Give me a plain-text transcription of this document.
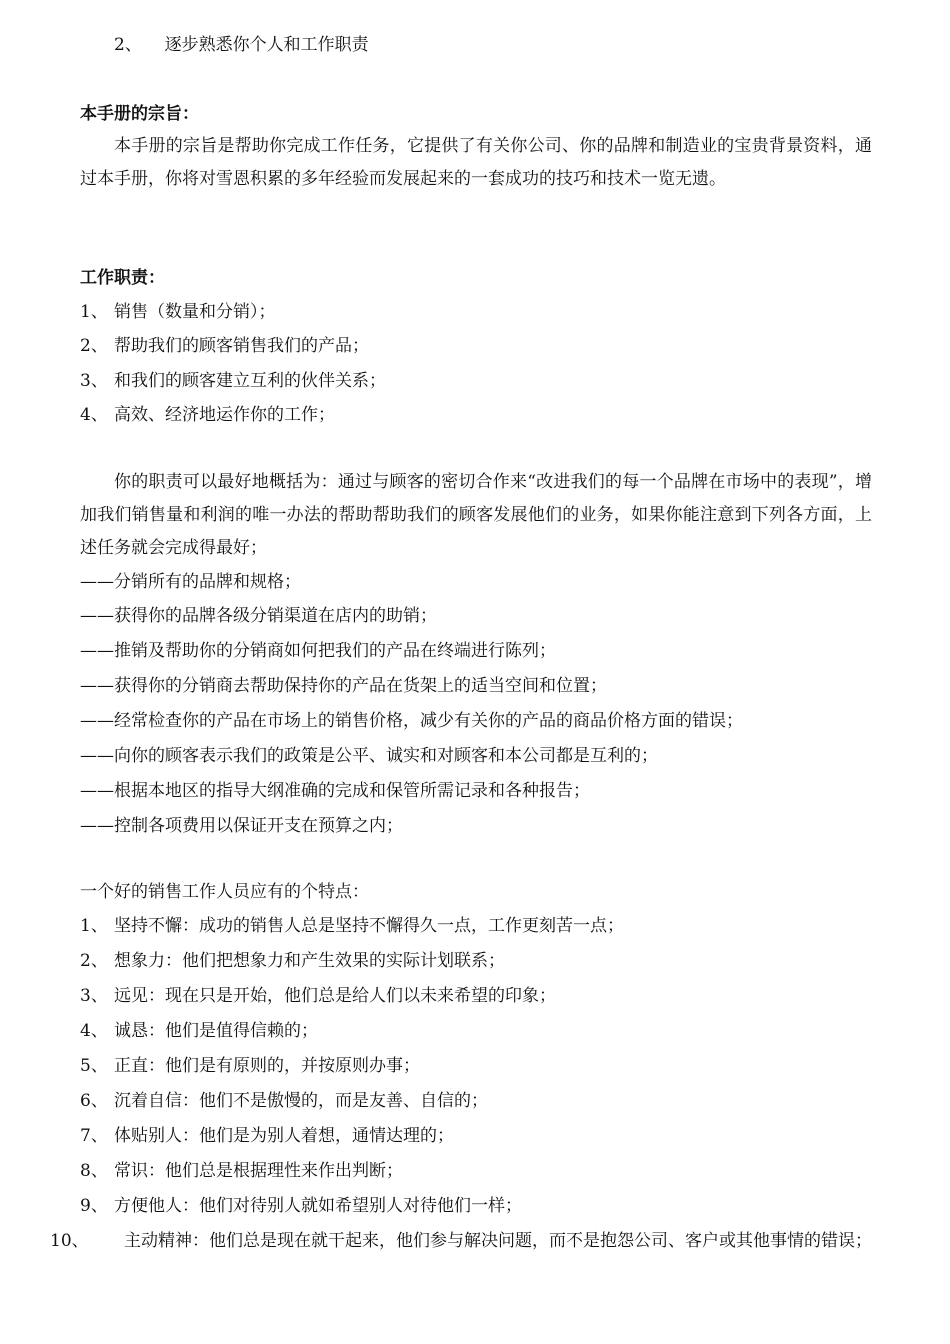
2、 逐步熟悉你个人和工作职责
本手册的宗旨：
本手册的宗旨是帮助你完成工作任务，它提供了有关你公司、你的品牌和制造业的宝贵背景资料，通过本手册，你将对雪恩积累的多年经验而发展起来的一套成功的技巧和技术一览无遗。
工作职责：
1、 销售（数量和分销）；
2、 帮助我们的顾客销售我们的产品；
3、 和我们的顾客建立互利的伙伴关系；
4、 高效、经济地运作你的工作；
你的职责可以最好地概括为：通过与顾客的密切合作来“改进我们的每一个品牌在市场中的表现”，增加我们销售量和利润的唯一办法的帮助帮助我们的顾客发展他们的业务，如果你能注意到下列各方面，上述任务就会完成得最好；
——分销所有的品牌和规格；
——获得你的品牌各级分销渠道在店内的助销；
——推销及帮助你的分销商如何把我们的产品在终端进行陈列；
——获得你的分销商去帮助保持你的产品在货架上的适当空间和位置；
——经常检查你的产品在市场上的销售价格，减少有关你的产品的商品价格方面的错误；
——向你的顾客表示我们的政策是公平、诚实和对顾客和本公司都是互利的；
——根据本地区的指导大纲准确的完成和保管所需记录和各种报告；
——控制各项费用以保证开支在预算之内；
一个好的销售工作人员应有的个特点：
1、 坚持不懈：成功的销售人总是坚持不懈得久一点，工作更刻苦一点；
2、 想象力：他们把想象力和产生效果的实际计划联系；
3、 远见：现在只是开始，他们总是给人们以未来希望的印象；
4、 诚恳：他们是值得信赖的；
5、 正直：他们是有原则的，并按原则办事；
6、 沉着自信：他们不是傲慢的，而是友善、自信的；
7、 体贴别人：他们是为别人着想，通情达理的；
8、 常识：他们总是根据理性来作出判断；
9、 方便他人：他们对待别人就如希望别人对待他们一样；
10、 主动精神：他们总是现在就干起来，他们参与解决问题，而不是抱怨公司、客户或其他事情的错误；
